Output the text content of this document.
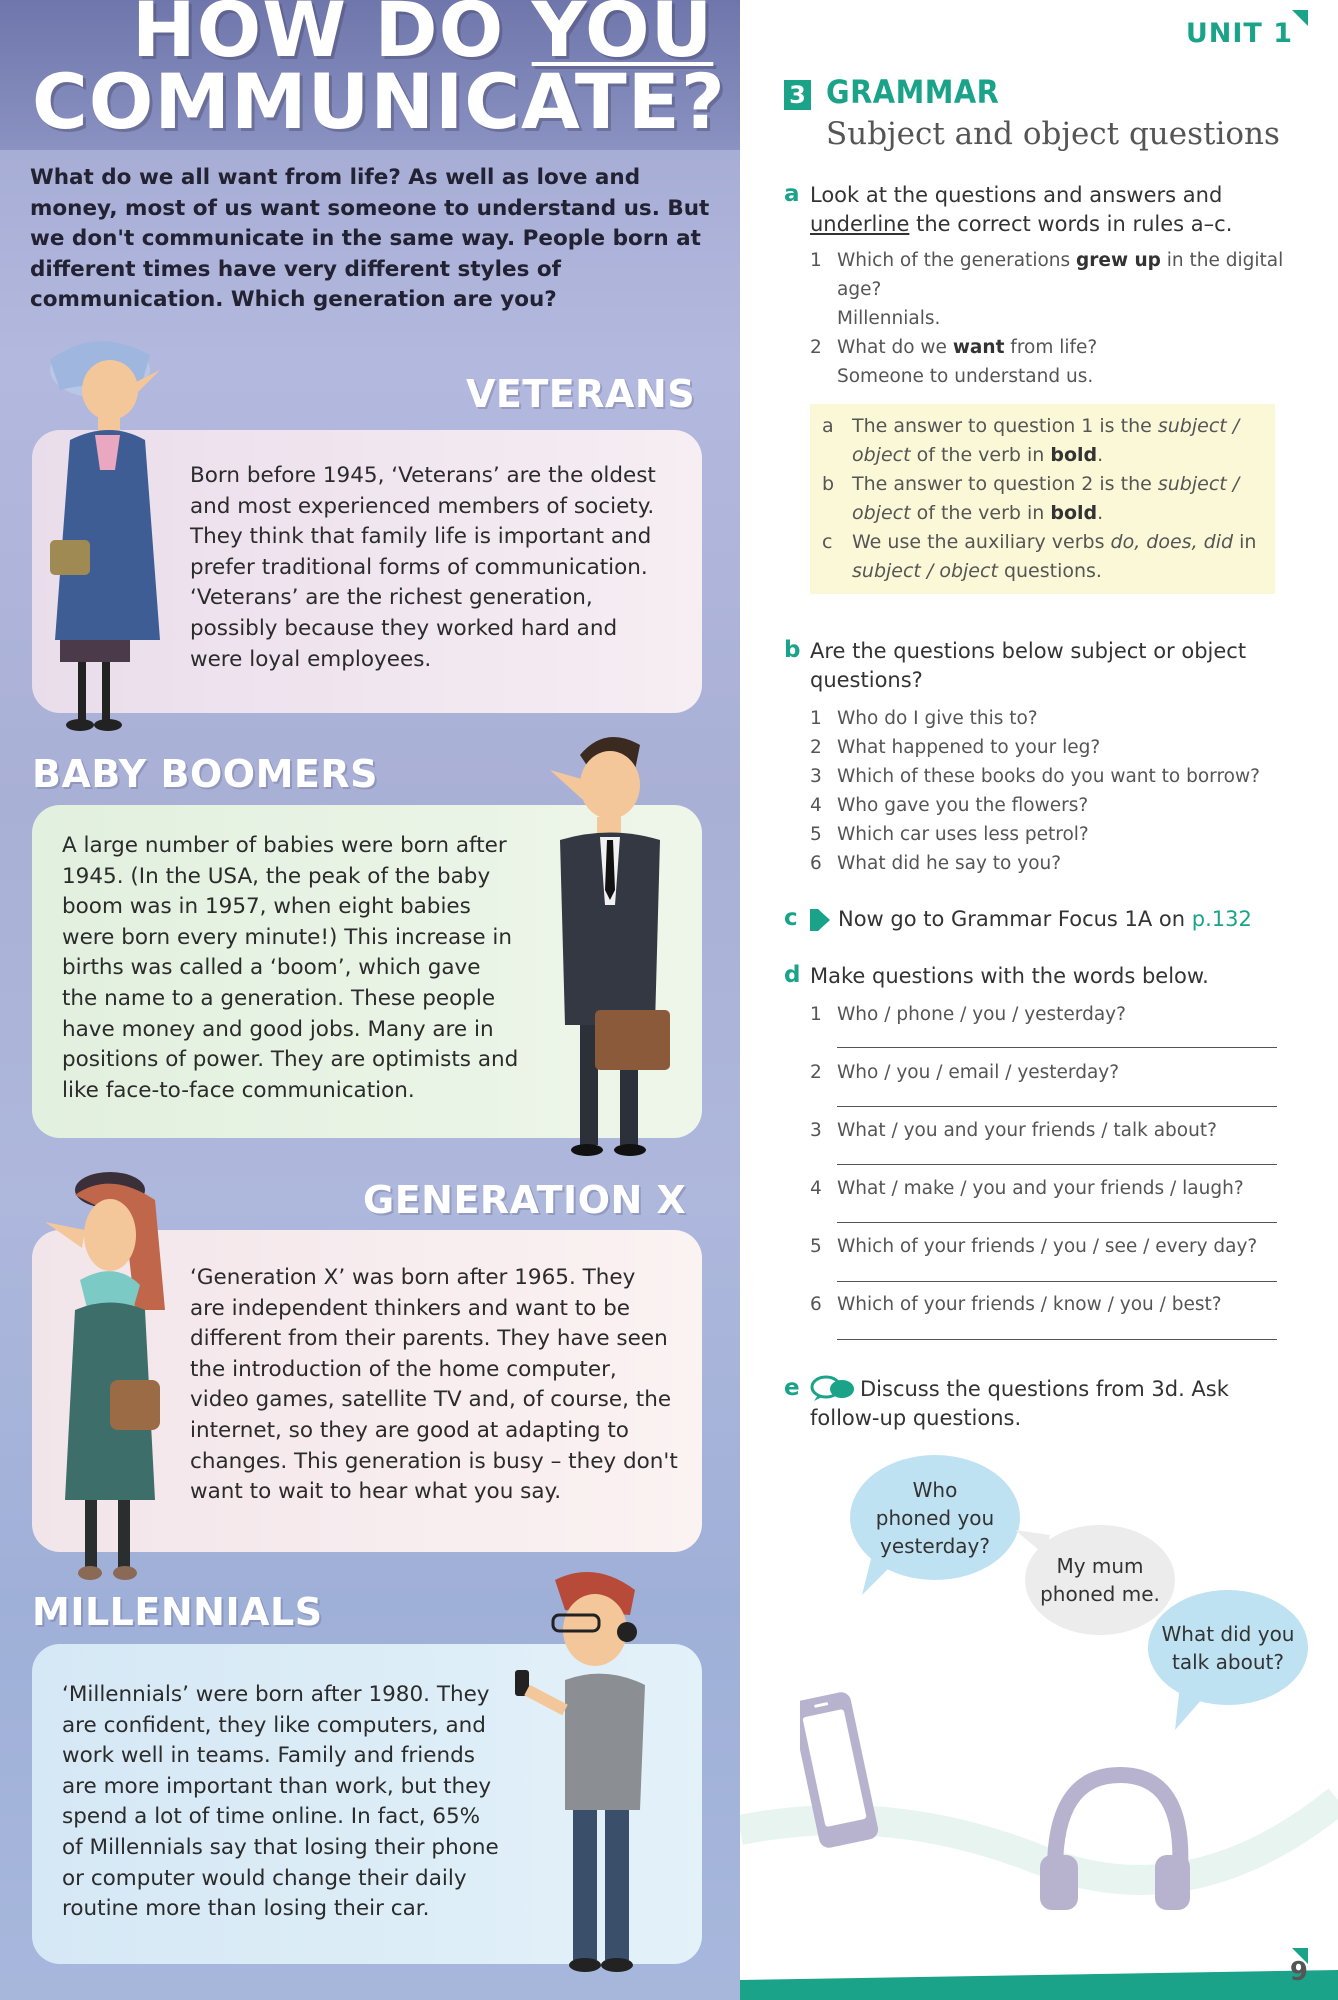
HOW DO YOU
COMMUNICATE?
What do we all want from life? As well as love and money, most of us want someone to understand us. But we don't communicate in the same way. People born at different times have very different styles of communication. Which generation are you?
VETERANS

Born before 1945, ‘Veterans’ are the oldest

and most experienced members of society.

They think that family life is important and

prefer traditional forms of communication.

‘Veterans’ are the richest generation,

possibly because they worked hard and

were loyal employees.

BABY BOOMERS

A large number of babies were born after

1945. (In the USA, the peak of the baby

boom was in 1957, when eight babies

were born every minute!) This increase in

births was called a ‘boom’, which gave

the name to a generation. These people

have money and good jobs. Many are in

positions of power. They are optimists and

like face-to-face communication.

GENERATION X

‘Generation X’ was born after 1965. They

are independent thinkers and want to be

different from their parents. They have seen

the introduction of the home computer,

video games, satellite TV and, of course, the

internet, so they are good at adapting to

changes. This generation is busy – they don't

want to wait to hear what you say.

MILLENNIALS

‘Millennials’ were born after 1980. They

are confident, they like computers, and

work well in teams. Family and friends

are more important than work, but they

spend a lot of time online. In fact, 65%

of Millennials say that losing their phone

or computer would change their daily

routine more than losing their car.

UNIT 1
3 GRAMMAR
Subject and object questions
a Look at the questions and answers and
underline the correct words in rules a–c.
1 Which of the generations grew up in the digital
age?
Millennials.
2 What do we want from life?
Someone to understand us.
a The answer to question 1 is the subject /
object of the verb in bold.
b The answer to question 2 is the subject /
object of the verb in bold.
c We use the auxiliary verbs do, does, did in
subject / object questions.
b Are the questions below subject or object
questions?
1 Who do I give this to?
2 What happened to your leg?
3 Which of these books do you want to borrow?
4 Who gave you the flowers?
5 Which car uses less petrol?
6 What did he say to you?
c Now go to Grammar Focus 1A on p.132
d Make questions with the words below.
1 Who / phone / you / yesterday?
2 Who / you / email / yesterday?
3 What / you and your friends / talk about?
4 What / make / you and your friends / laugh?
5 Which of your friends / you / see / every day?
6 Which of your friends / know / you / best?
e	Discuss the questions from 3d. Ask
follow-up questions.
Who
phoned you
yesterday?
My mum
phoned me.
What did you
talk about?
9
